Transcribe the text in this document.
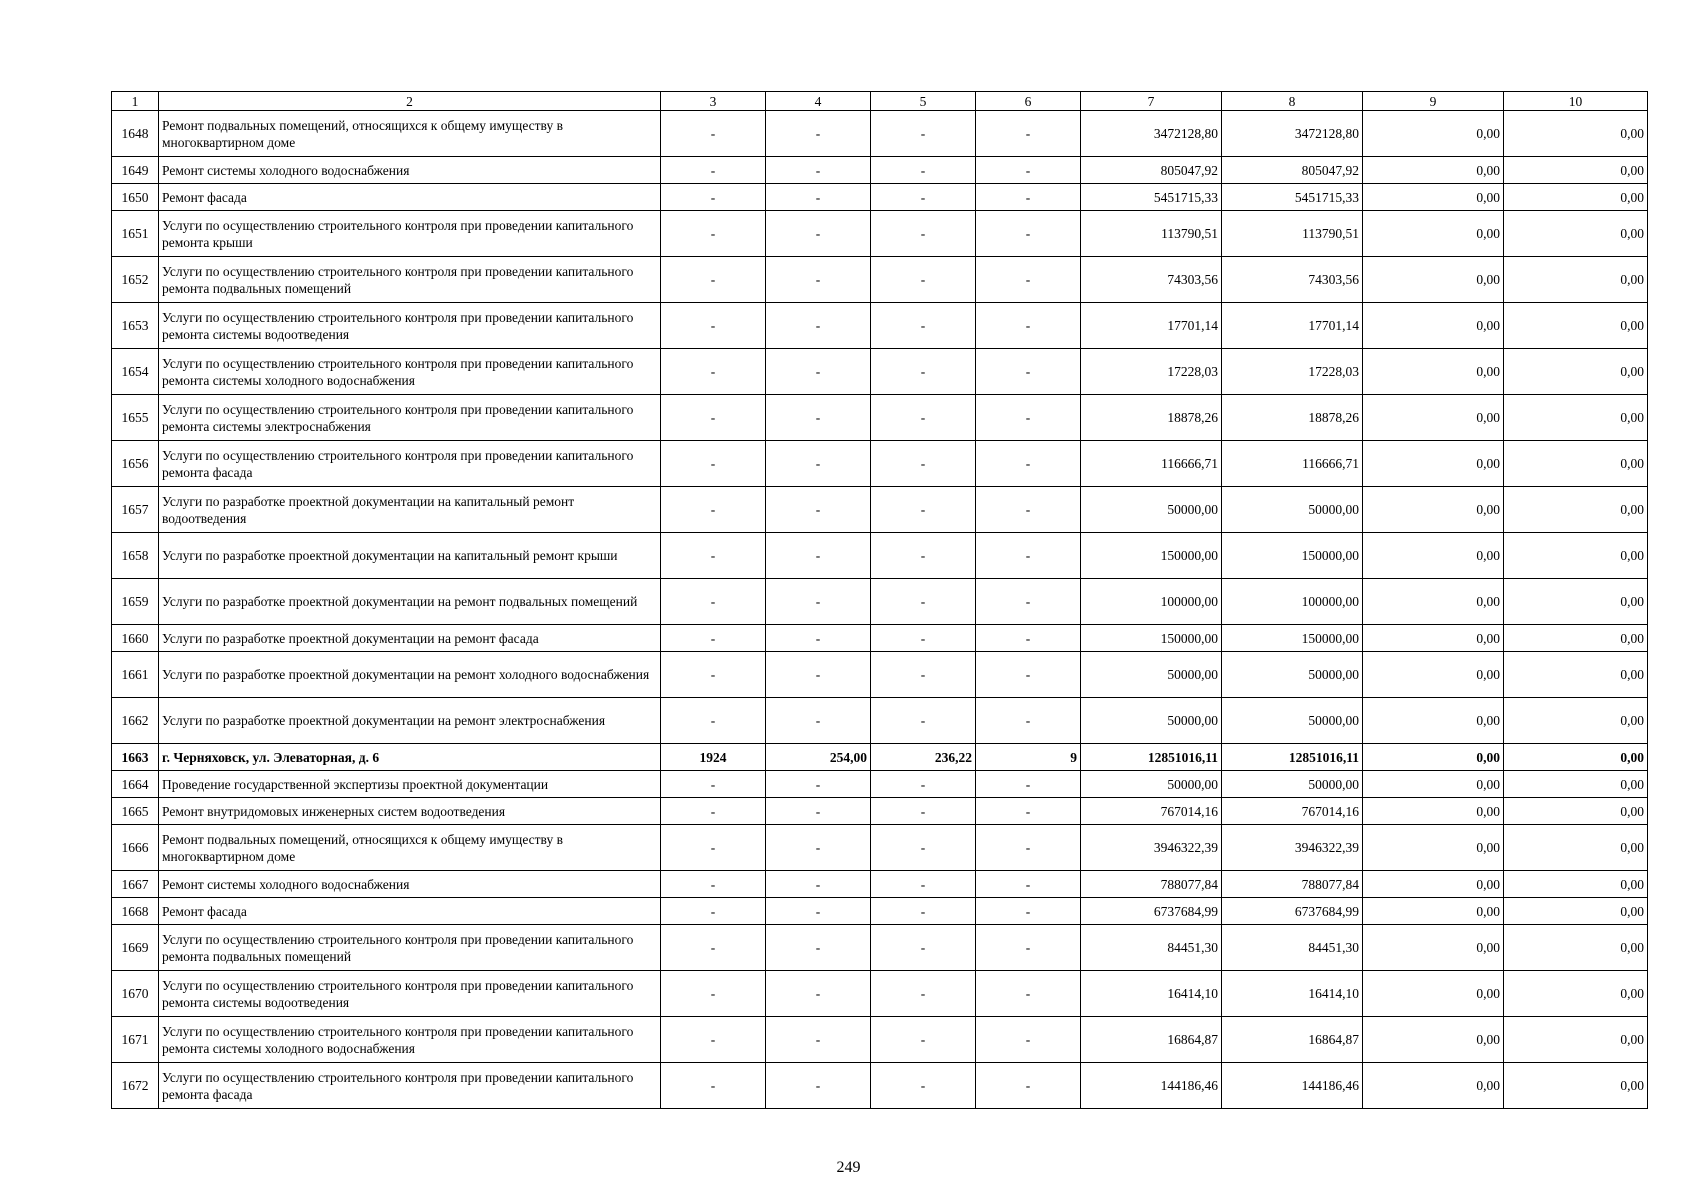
1	2	3	4	5	6	7	8	9	10
1648	Ремонт подвальных помещений, относящихся к общему имуществу в многоквартирном доме	-	-	-	-	3472128,80	3472128,80	0,00	0,00
1649	Ремонт системы холодного водоснабжения	-	-	-	-	805047,92	805047,92	0,00	0,00
1650	Ремонт фасада	-	-	-	-	5451715,33	5451715,33	0,00	0,00
1651	Услуги по осуществлению строительного контроля при проведении капитального ремонта крыши	-	-	-	-	113790,51	113790,51	0,00	0,00
1652	Услуги по осуществлению строительного контроля при проведении капитального ремонта подвальных помещений	-	-	-	-	74303,56	74303,56	0,00	0,00
1653	Услуги по осуществлению строительного контроля при проведении капитального ремонта системы водоотведения	-	-	-	-	17701,14	17701,14	0,00	0,00
1654	Услуги по осуществлению строительного контроля при проведении капитального ремонта системы холодного водоснабжения	-	-	-	-	17228,03	17228,03	0,00	0,00
1655	Услуги по осуществлению строительного контроля при проведении капитального ремонта системы электроснабжения	-	-	-	-	18878,26	18878,26	0,00	0,00
1656	Услуги по осуществлению строительного контроля при проведении капитального ремонта фасада	-	-	-	-	116666,71	116666,71	0,00	0,00
1657	Услуги по разработке проектной документации на капитальный ремонт водоотведения	-	-	-	-	50000,00	50000,00	0,00	0,00
1658	Услуги по разработке проектной документации на капитальный ремонт крыши	-	-	-	-	150000,00	150000,00	0,00	0,00
1659	Услуги по разработке проектной документации на ремонт подвальных помещений	-	-	-	-	100000,00	100000,00	0,00	0,00
1660	Услуги по разработке проектной документации на ремонт фасада	-	-	-	-	150000,00	150000,00	0,00	0,00
1661	Услуги по разработке проектной документации на ремонт холодного водоснабжения	-	-	-	-	50000,00	50000,00	0,00	0,00
1662	Услуги по разработке проектной документации на ремонт электроснабжения	-	-	-	-	50000,00	50000,00	0,00	0,00
1663	г. Черняховск, ул. Элеваторная, д. 6	1924	254,00	236,22	9	12851016,11	12851016,11	0,00	0,00
1664	Проведение государственной экспертизы проектной документации	-	-	-	-	50000,00	50000,00	0,00	0,00
1665	Ремонт внутридомовых инженерных систем водоотведения	-	-	-	-	767014,16	767014,16	0,00	0,00
1666	Ремонт подвальных помещений, относящихся к общему имуществу в многоквартирном доме	-	-	-	-	3946322,39	3946322,39	0,00	0,00
1667	Ремонт системы холодного водоснабжения	-	-	-	-	788077,84	788077,84	0,00	0,00
1668	Ремонт фасада	-	-	-	-	6737684,99	6737684,99	0,00	0,00
1669	Услуги по осуществлению строительного контроля при проведении капитального ремонта подвальных помещений	-	-	-	-	84451,30	84451,30	0,00	0,00
1670	Услуги по осуществлению строительного контроля при проведении капитального ремонта системы водоотведения	-	-	-	-	16414,10	16414,10	0,00	0,00
1671	Услуги по осуществлению строительного контроля при проведении капитального ремонта системы холодного водоснабжения	-	-	-	-	16864,87	16864,87	0,00	0,00
1672	Услуги по осуществлению строительного контроля при проведении капитального ремонта фасада	-	-	-	-	144186,46	144186,46	0,00	0,00
249
